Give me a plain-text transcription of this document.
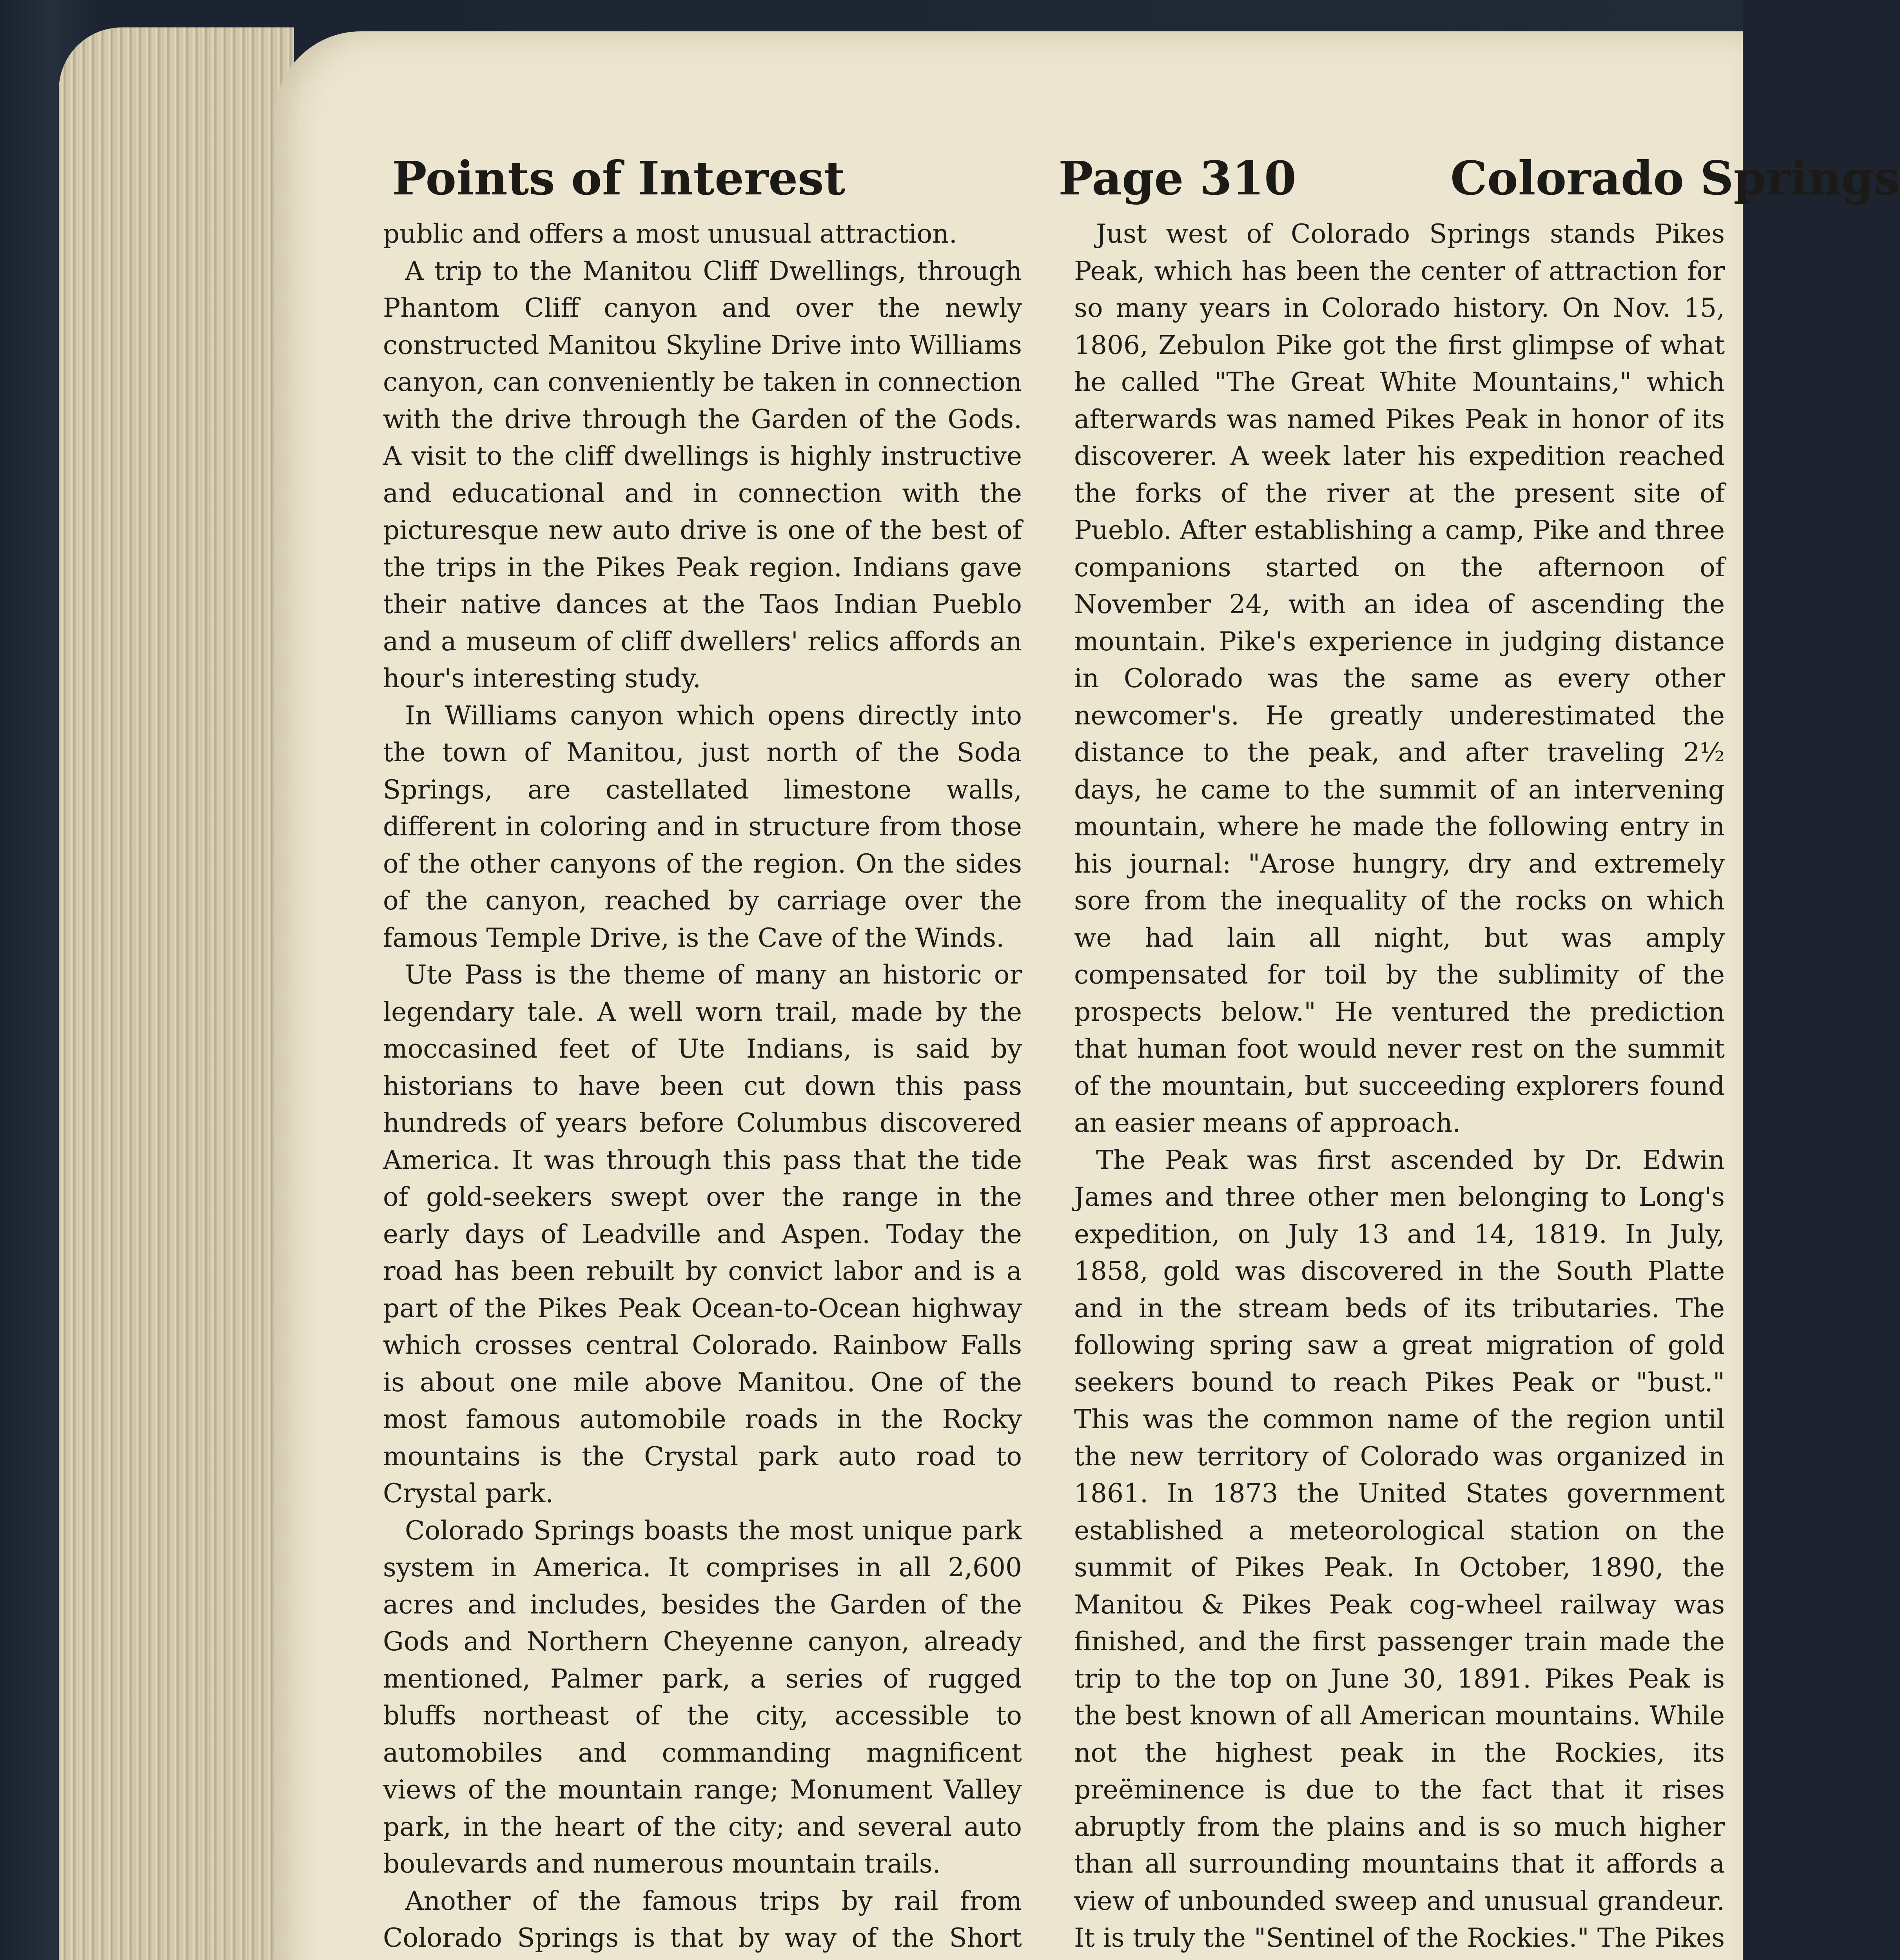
Points of Interest	Page 310	Colorado Springs

public and offers a most unusual attraction.

A trip to the Manitou Cliff Dwellings, through Phantom Cliff canyon and over the newly constructed Manitou Skyline Drive into Williams canyon, can conveniently be taken in connection with the drive through the Garden of the Gods. A visit to the cliff dwellings is highly instructive and educational and in connection with the picturesque new auto drive is one of the best of the trips in the Pikes Peak region. Indians gave their native dances at the Taos Indian Pueblo and a museum of cliff dwellers' relics affords an hour's interesting study.

In Williams canyon which opens directly into the town of Manitou, just north of the Soda Springs, are castellated limestone walls, different in coloring and in structure from those of the other canyons of the region. On the sides of the canyon, reached by carriage over the famous Temple Drive, is the Cave of the Winds.

Ute Pass is the theme of many an historic or legendary tale. A well worn trail, made by the moccasined feet of Ute Indians, is said by historians to have been cut down this pass hundreds of years before Columbus discovered America. It was through this pass that the tide of gold-seekers swept over the range in the early days of Leadville and Aspen. Today the road has been rebuilt by convict labor and is a part of the Pikes Peak Ocean-to-Ocean highway which crosses central Colorado. Rainbow Falls is about one mile above Manitou. One of the most famous automobile roads in the Rocky mountains is the Crystal park auto road to Crystal park.

Colorado Springs boasts the most unique park system in America. It comprises in all 2,600 acres and includes, besides the Garden of the Gods and Northern Cheyenne canyon, already mentioned, Palmer park, a series of rugged bluffs northeast of the city, accessible to automobiles and commanding magnificent views of the mountain range; Monument Valley park, in the heart of the city; and several auto boulevards and numerous mountain trails.

Another of the famous trips by rail from Colorado Springs is that by way of the Short

Just west of Colorado Springs stands Pikes Peak, which has been the center of attraction for so many years in Colorado history. On Nov. 15, 1806, Zebulon Pike got the first glimpse of what he called "The Great White Mountains," which afterwards was named Pikes Peak in honor of its discoverer. A week later his expedition reached the forks of the river at the present site of Pueblo. After establishing a camp, Pike and three companions started on the afternoon of November 24, with an idea of ascending the mountain. Pike's experience in judging distance in Colorado was the same as every other newcomer's. He greatly underestimated the distance to the peak, and after traveling 2½ days, he came to the summit of an intervening mountain, where he made the following entry in his journal: "Arose hungry, dry and extremely sore from the inequality of the rocks on which we had lain all night, but was amply compensated for toil by the sublimity of the prospects below." He ventured the prediction that human foot would never rest on the summit of the mountain, but succeeding explorers found an easier means of approach.

The Peak was first ascended by Dr. Edwin James and three other men belonging to Long's expedition, on July 13 and 14, 1819. In July, 1858, gold was discovered in the South Platte and in the stream beds of its tributaries. The following spring saw a great migration of gold seekers bound to reach Pikes Peak or "bust." This was the common name of the region until the new territory of Colorado was organized in 1861. In 1873 the United States government established a meteorological station on the summit of Pikes Peak. In October, 1890, the Manitou & Pikes Peak cog-wheel railway was finished, and the first passenger train made the trip to the top on June 30, 1891. Pikes Peak is the best known of all American mountains. While not the highest peak in the Rockies, its preëminence is due to the fact that it rises abruptly from the plains and is so much higher than all surrounding mountains that it affords a view of unbounded sweep and unusual grandeur. It is truly the "Sentinel of the Rockies." The Pikes
